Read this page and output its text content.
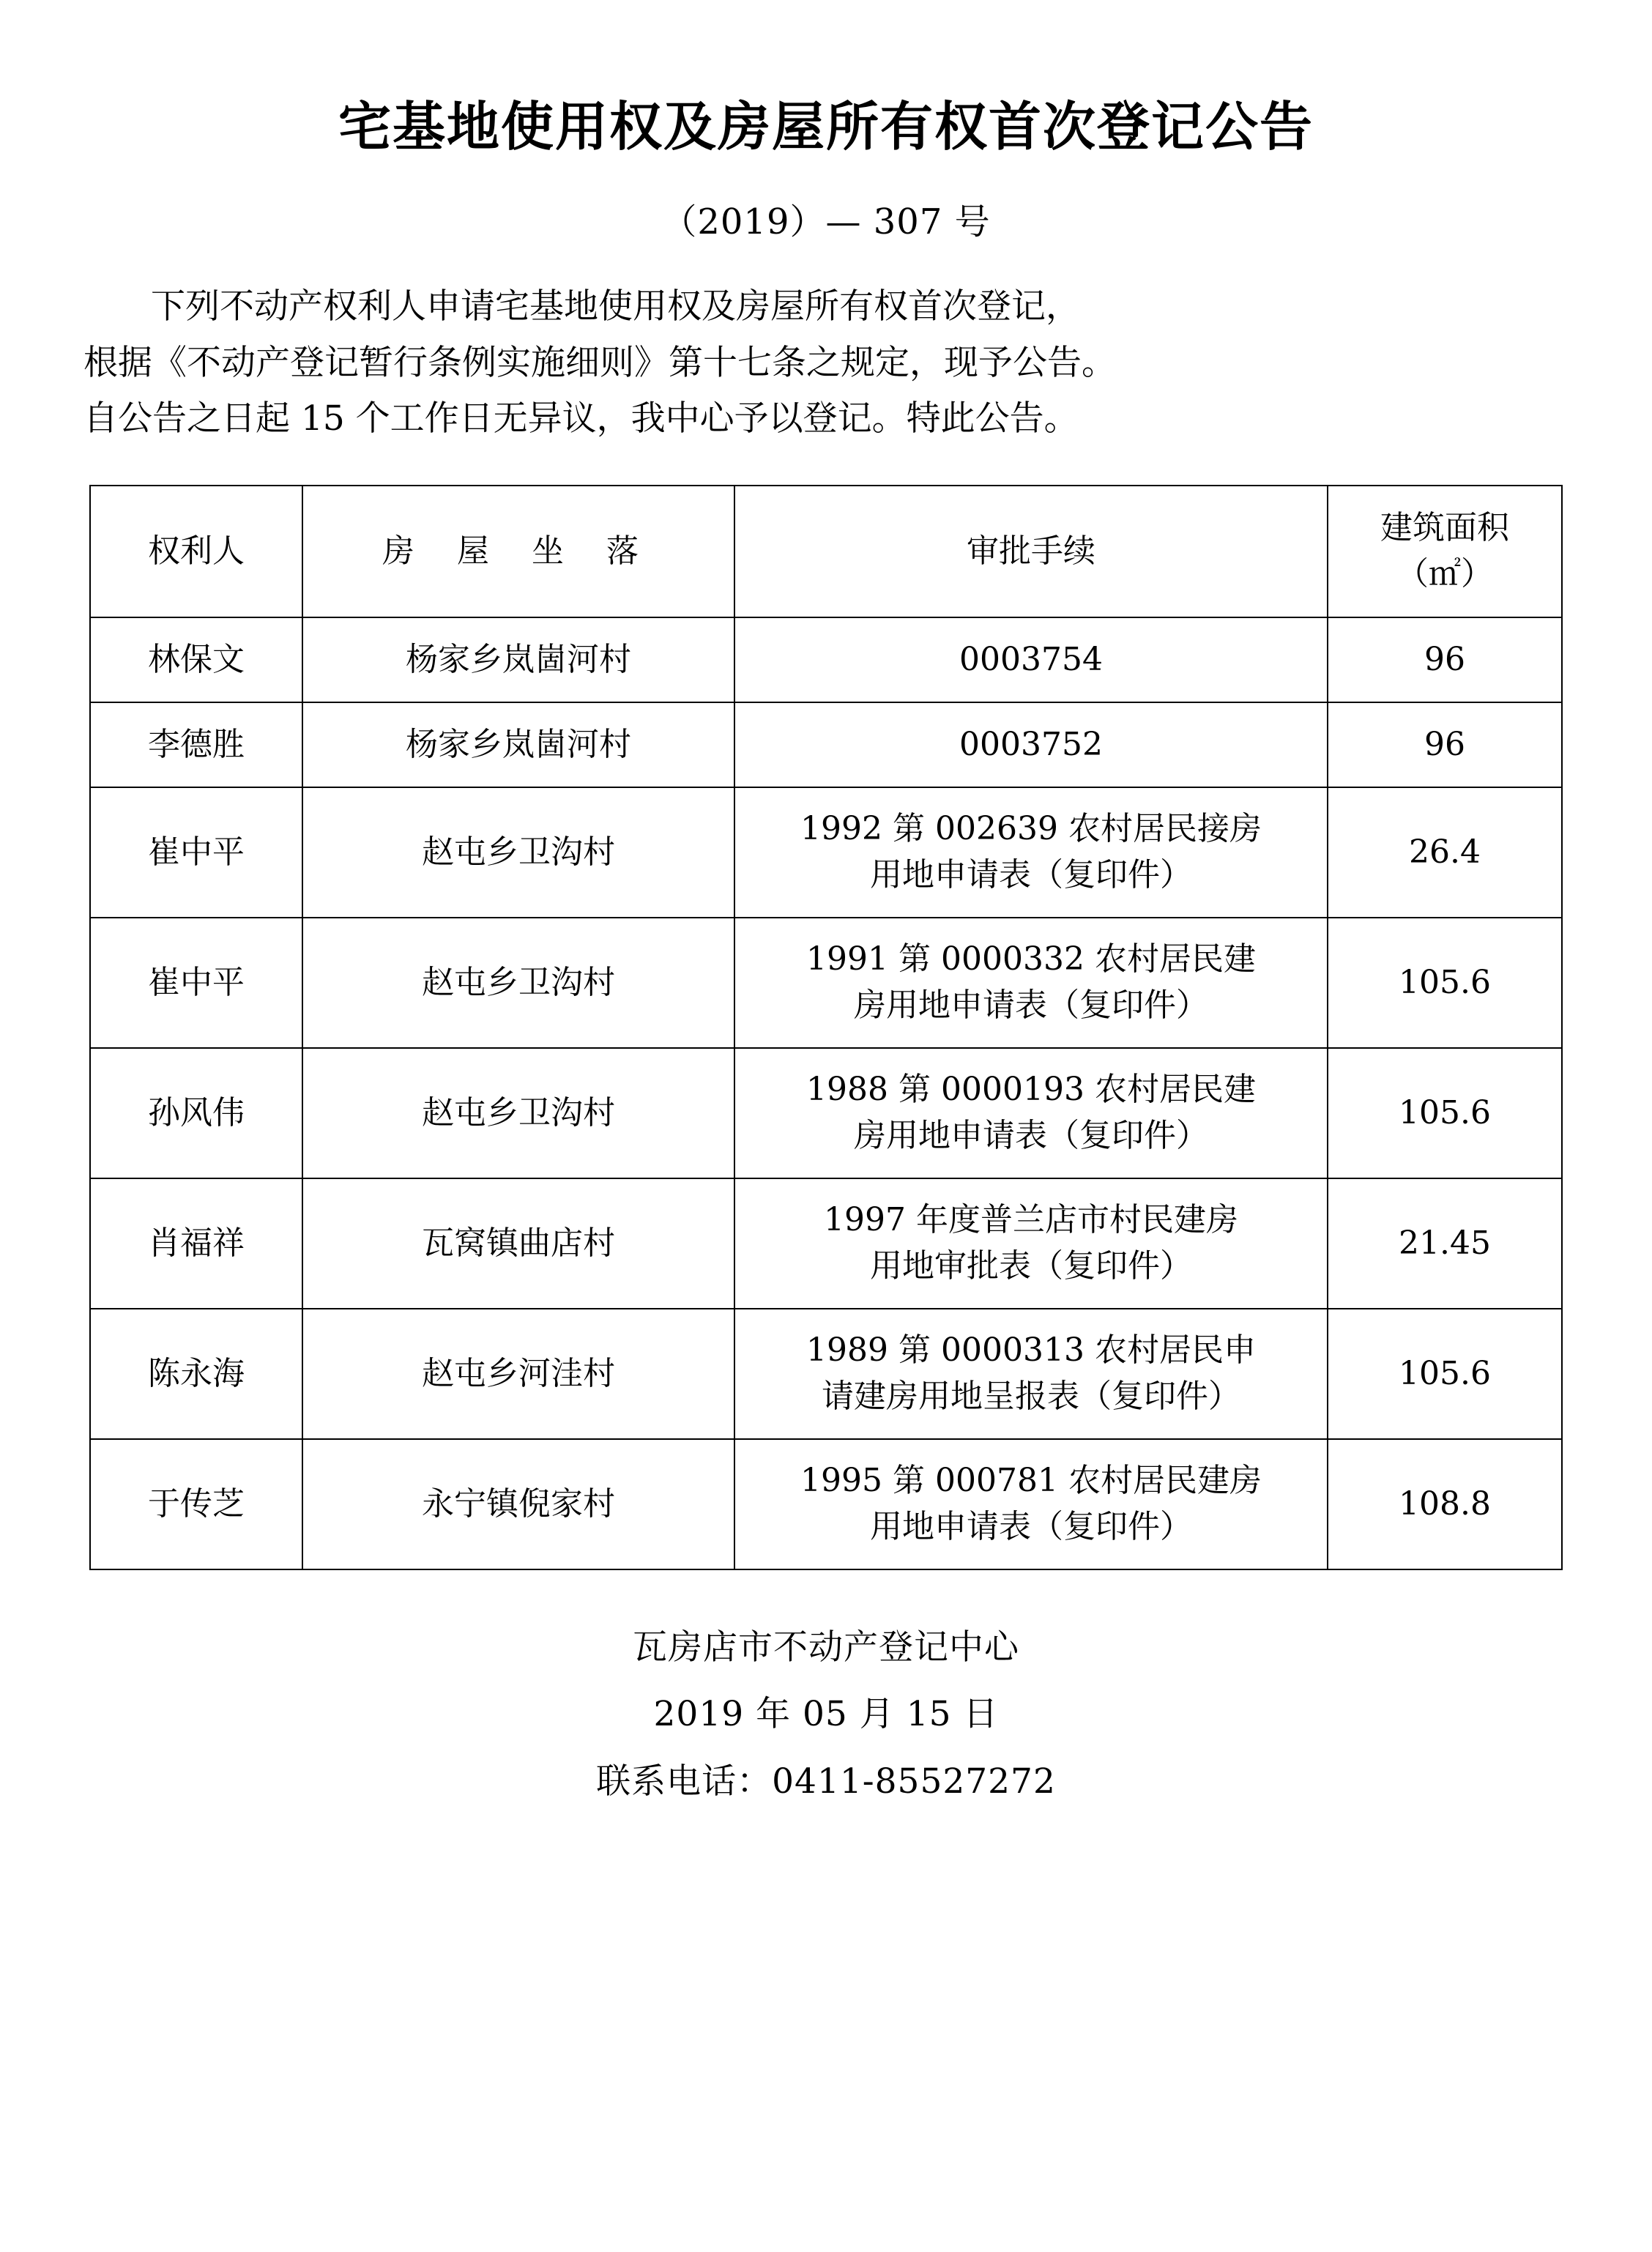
宅基地使用权及房屋所有权首次登记公告
（2019）— 307 号
下列不动产权利人申请宅基地使用权及房屋所有权首次登记，
根据《不动产登记暂行条例实施细则》第十七条之规定，现予公告。
自公告之日起 15 个工作日无异议，我中心予以登记。特此公告。
权利人	房 屋 坐 落	审批手续	建筑面积
（㎡）

林保文	杨家乡岚崮河村	0003754	96
李德胜	杨家乡岚崮河村	0003752	96
崔中平	赵屯乡卫沟村	1992 第 002639 农村居民接房
用地申请表（复印件）	26.4
崔中平	赵屯乡卫沟村	1991 第 0000332 农村居民建
房用地申请表（复印件）	105.6
孙风伟	赵屯乡卫沟村	1988 第 0000193 农村居民建
房用地申请表（复印件）	105.6
肖福祥	瓦窝镇曲店村	1997 年度普兰店市村民建房
用地审批表（复印件）	21.45
陈永海	赵屯乡河洼村	1989 第 0000313 农村居民申
请建房用地呈报表（复印件）	105.6
于传芝	永宁镇倪家村	1995 第 000781 农村居民建房
用地申请表（复印件）	108.8
瓦房店市不动产登记中心
2019 年 05 月 15 日
联系电话：0411-85527272
